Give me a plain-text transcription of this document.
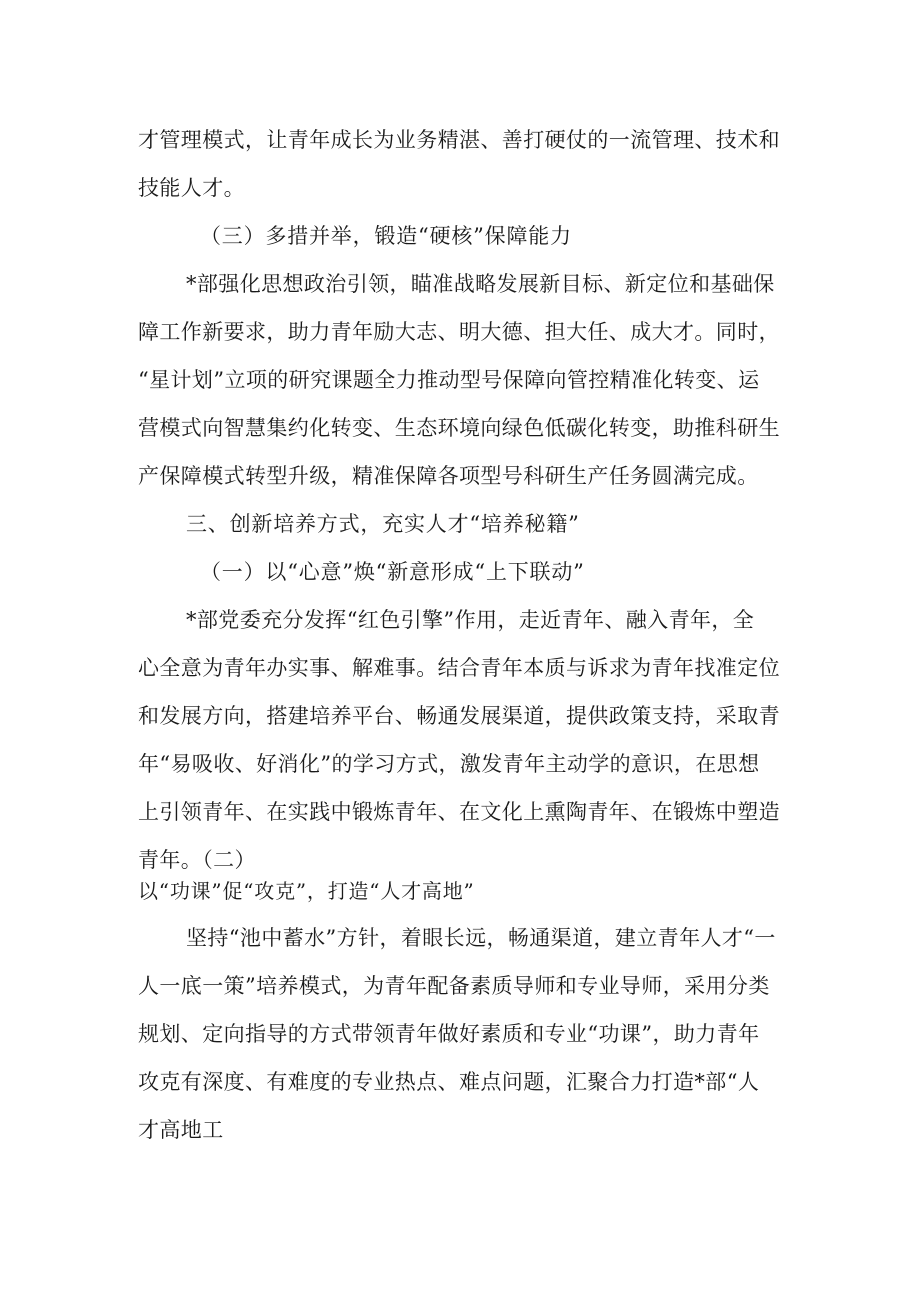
才管理模式，让青年成长为业务精湛、善打硬仗的一流管理、技术和
技能人才。
（三）多措并举，锻造“硬核”保障能力
*部强化思想政治引领，瞄准战略发展新目标、新定位和基础保
障工作新要求，助力青年励大志、明大德、担大任、成大才。同时，
“星计划”立项的研究课题全力推动型号保障向管控精准化转变、运
营模式向智慧集约化转变、生态环境向绿色低碳化转变，助推科研生
产保障模式转型升级，精准保障各项型号科研生产任务圆满完成。
三、创新培养方式，充实人才“培养秘籍”
（一）以“心意”焕“新意形成“上下联动”
*部党委充分发挥“红色引擎”作用，走近青年、融入青年，全
心全意为青年办实事、解难事。结合青年本质与诉求为青年找准定位
和发展方向，搭建培养平台、畅通发展渠道，提供政策支持，采取青
年“易吸收、好消化”的学习方式，激发青年主动学的意识，在思想
上引领青年、在实践中锻炼青年、在文化上熏陶青年、在锻炼中塑造
青年。（二）
以“功课”促“攻克”，打造“人才高地”
坚持“池中蓄水”方针，着眼长远，畅通渠道，建立青年人才“一
人一底一策”培养模式，为青年配备素质导师和专业导师，采用分类
规划、定向指导的方式带领青年做好素质和专业“功课”，助力青年
攻克有深度、有难度的专业热点、难点问题，汇聚合力打造*部“人
才高地工
